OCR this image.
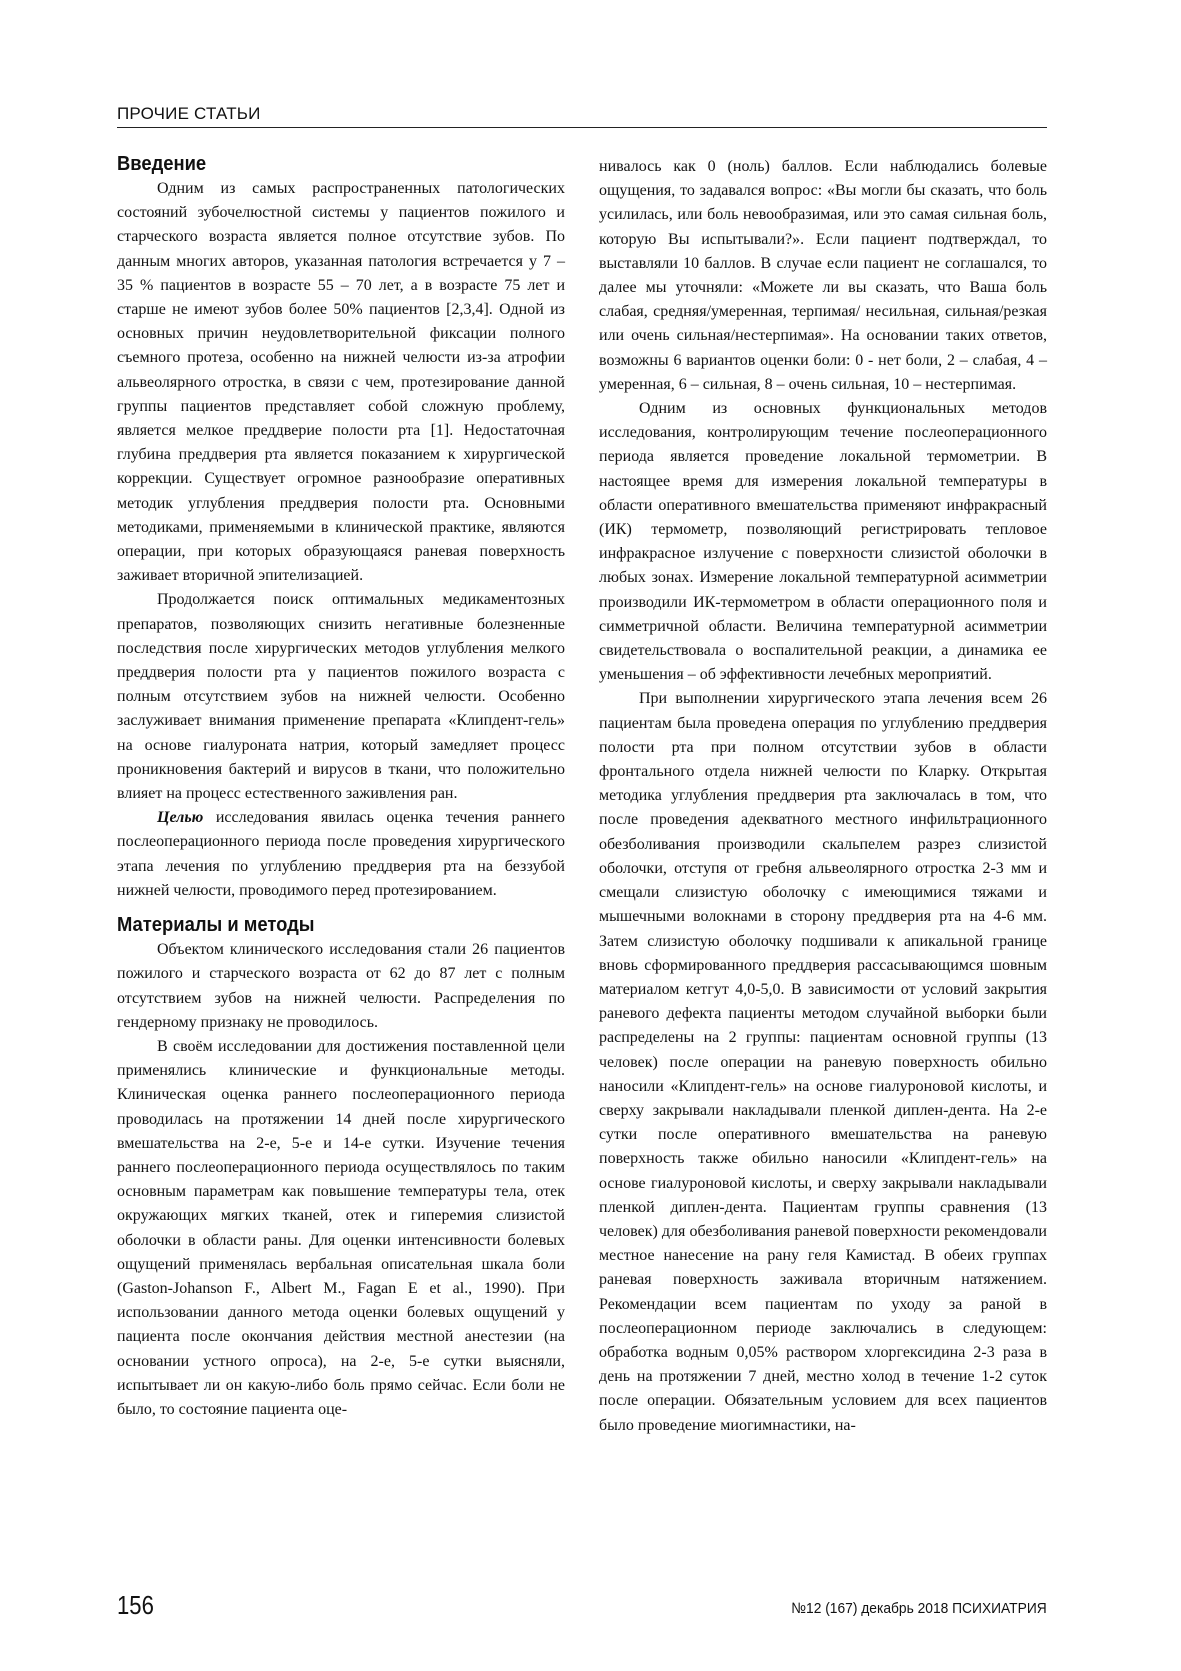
ПРОЧИЕ СТАТЬИ
Введение

Одним из самых распространенных патологических состояний зубочелюстной системы у пациентов пожилого и старческого возраста является полное отсутствие зубов. По данным многих авторов, указанная патология встречается у 7 – 35 % пациентов в возрасте 55 – 70 лет, а в возрасте 75 лет и старше не имеют зубов более 50% пациентов [2,3,4]. Одной из основных причин неудовлетворительной фиксации полного съемного протеза, особенно на нижней челюсти из-за атрофии альвеолярного отростка, в связи с чем, протезирование данной группы пациентов представляет собой сложную проблему, является мелкое преддверие полости рта [1]. Недостаточная глубина преддверия рта является показанием к хирургической коррекции. Существует огромное разнообразие оперативных методик углубления преддверия полости рта. Основными методиками, применяемыми в клинической практике, являются операции, при которых образующаяся раневая поверхность заживает вторичной эпителизацией.

Продолжается поиск оптимальных медикаментозных препаратов, позволяющих снизить негативные болезненные последствия после хирургических методов углубления мелкого преддверия полости рта у пациентов пожилого возраста с полным отсутствием зубов на нижней челюсти. Особенно заслуживает внимания применение препарата «Клипдент-гель» на основе гиалуроната натрия, который замедляет процесс проникновения бактерий и вирусов в ткани, что положительно влияет на процесс естественного заживления ран.

Целью исследования явилась оценка течения раннего послеоперационного периода после проведения хирургического этапа лечения по углублению преддверия рта на беззубой нижней челюсти, проводимого перед протезированием.

Материалы и методы

Объектом клинического исследования стали 26 пациентов пожилого и старческого возраста от 62 до 87 лет с полным отсутствием зубов на нижней челюсти. Распределения по гендерному признаку не проводилось.

В своём исследовании для достижения поставленной цели применялись клинические и функциональные методы. Клиническая оценка раннего послеоперационного периода проводилась на протяжении 14 дней после хирургического вмешательства на 2-е, 5-е и 14-е сутки. Изучение течения раннего послеоперационного периода осуществлялось по таким основным параметрам как повышение температуры тела, отек окружающих мягких тканей, отек и гиперемия слизистой оболочки в области раны. Для оценки интенсивности болевых ощущений применялась вербальная описательная шкала боли (Gaston-Johanson F., Albert M., Fagan E et al., 1990). При использовании данного метода оценки болевых ощущений у пациента после окончания действия местной анестезии (на основании устного опроса), на 2-е, 5-е сутки выясняли, испытывает ли он какую-либо боль прямо сейчас. Если боли не было, то состояние пациента оце-

нивалось как 0 (ноль) баллов. Если наблюдались болевые ощущения, то задавался вопрос: «Вы могли бы сказать, что боль усилилась, или боль невообразимая, или это самая сильная боль, которую Вы испытывали?». Если пациент подтверждал, то выставляли 10 баллов. В случае если пациент не соглашался, то далее мы уточняли: «Можете ли вы сказать, что Ваша боль слабая, средняя/умеренная, терпимая/ несильная, сильная/резкая или очень сильная/нестерпимая». На основании таких ответов, возможны 6 вариантов оценки боли: 0 - нет боли, 2 – слабая, 4 – умеренная, 6 – сильная, 8 – очень сильная, 10 – нестерпимая.

Одним из основных функциональных методов исследования, контролирующим течение послеоперационного периода является проведение локальной термометрии. В настоящее время для измерения локальной температуры в области оперативного вмешательства применяют инфракрасный (ИК) термометр, позволяющий регистрировать тепловое инфракрасное излучение с поверхности слизистой оболочки в любых зонах. Измерение локальной температурной асимметрии производили ИК-термометром в области операционного поля и симметричной области. Величина температурной асимметрии свидетельствовала о воспалительной реакции, а динамика ее уменьшения – об эффективности лечебных мероприятий.

При выполнении хирургического этапа лечения всем 26 пациентам была проведена операция по углублению преддверия полости рта при полном отсутствии зубов в области фронтального отдела нижней челюсти по Кларку. Открытая методика углубления преддверия рта заключалась в том, что после проведения адекватного местного инфильтрационного обезболивания производили скальпелем разрез слизистой оболочки, отступя от гребня альвеолярного отростка 2-3 мм и смещали слизистую оболочку с имеющимися тяжами и мышечными волокнами в сторону преддверия рта на 4-6 мм. Затем слизистую оболочку подшивали к апикальной границе вновь сформированного преддверия рассасывающимся шовным материалом кетгут 4,0-5,0. В зависимости от условий закрытия раневого дефекта пациенты методом случайной выборки были распределены на 2 группы: пациентам основной группы (13 человек) после операции на раневую поверхность обильно наносили «Клипдент-гель» на основе гиалуроновой кислоты, и сверху закрывали накладывали пленкой диплен-дента. На 2-е сутки после оперативного вмешательства на раневую поверхность также обильно наносили «Клипдент-гель» на основе гиалуроновой кислоты, и сверху закрывали накладывали пленкой диплен-дента. Пациентам группы сравнения (13 человек) для обезболивания раневой поверхности рекомендовали местное нанесение на рану геля Камистад. В обеих группах раневая поверхность заживала вторичным натяжением. Рекомендации всем пациентам по уходу за раной в послеоперационном периоде заключались в следующем: обработка водным 0,05% раствором хлоргексидина 2-3 раза в день на протяжении 7 дней, местно холод в течение 1-2 суток после операции. Обязательным условием для всех пациентов было проведение миогимнастики, на-

156	№12 (167) декабрь 2018 ПСИХИАТРИЯ
